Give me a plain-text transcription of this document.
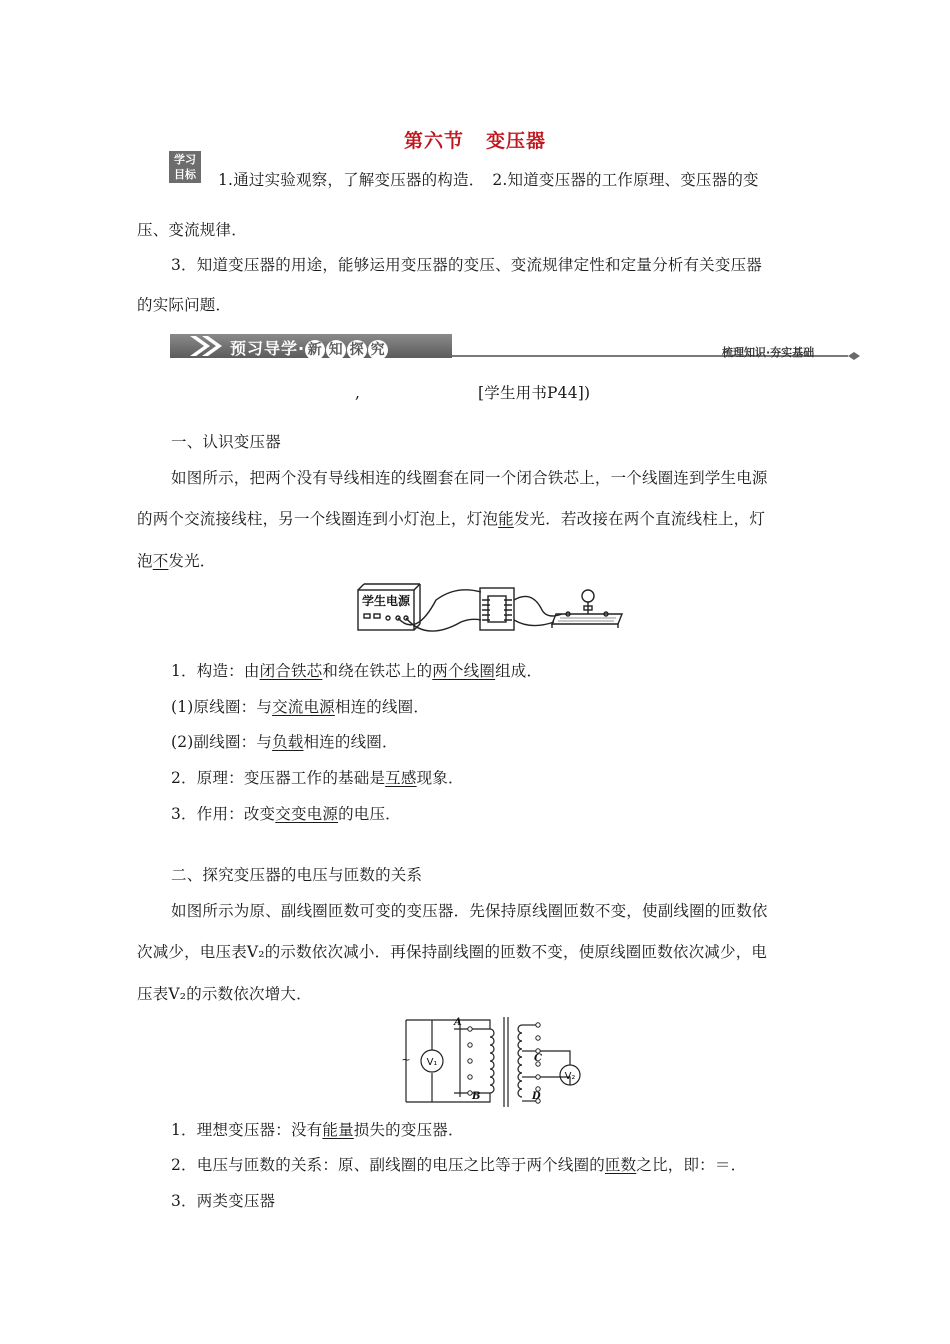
第六节 变压器
学习
目标	1.通过实验观察，了解变压器的构造．　2.知道变压器的工作原理、变压器的变
压、变流规律．
3．知道变压器的用途，能够运用变压器的变压、变流规律定性和定量分析有关变压器
的实际问题．
预习导学· 新 知 探 究	梳理知识·夯实基础
,	[学生用书P44])
一、认识变压器
如图所示，把两个没有导线相连的线圈套在同一个闭合铁芯上，一个线圈连到学生电源
的两个交流接线柱，另一个线圈连到小灯泡上，灯泡能发光．若改接在两个直流线柱上，灯
泡不发光．
学生电源
1．构造：由闭合铁芯和绕在铁芯上的两个线圈组成．
(1)原线圈：与交流电源相连的线圈．
(2)副线圈：与负载相连的线圈．
2．原理：变压器工作的基础是互感现象．
3．作用：改变交变电源的电压．
二、探究变压器的电压与匝数的关系
如图所示为原、副线圈匝数可变的变压器．先保持原线圈匝数不变，使副线圈的匝数依
次减少，电压表V₂的示数依次减小．再保持副线圈的匝数不变，使原线圈匝数依次减少，电
压表V₂的示数依次增大．
A
B
C
D
V₁
V₂
~
1．理想变压器：没有能量损失的变压器．
2．电压与匝数的关系：原、副线圈的电压之比等于两个线圈的匝数之比，即：＝．
3．两类变压器
